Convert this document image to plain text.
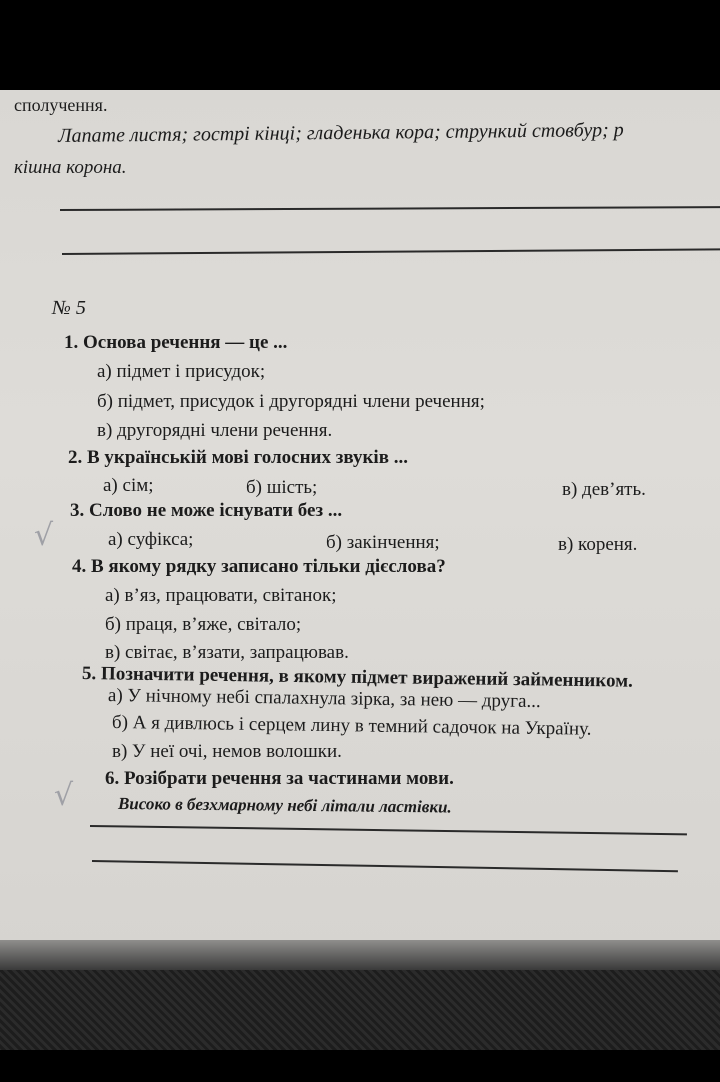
сполучення.
Лапате листя; гострі кінці; гладенька кора; стрункий стовбур; р
кішна корона.
№ 5
1. Основа речення — це ...
а) підмет і присудок;
б) підмет, присудок і другорядні члени речення;
в) другорядні члени речення.
2. В українській мові голосних звуків ...
а) сім;	б) шість;	в) дев’ять.
3. Слово не може існувати без ...
√	а) суфікса;	б) закінчення;	в) кореня.
4. В якому рядку записано тільки дієслова?
а) в’яз, працювати, світанок;
б) праця, в’яже, світало;
в) світає, в’язати, запрацював.
5. Позначити речення, в якому підмет виражений займенником.
а) У нічному небі спалахнула зірка, за нею — друга...
б) А я дивлюсь і серцем лину в темний садочок на Україну.
в) У неї очі, немов волошки.
6. Розібрати речення за частинами мови.
√	Високо в безхмарному небі літали ластівки.
